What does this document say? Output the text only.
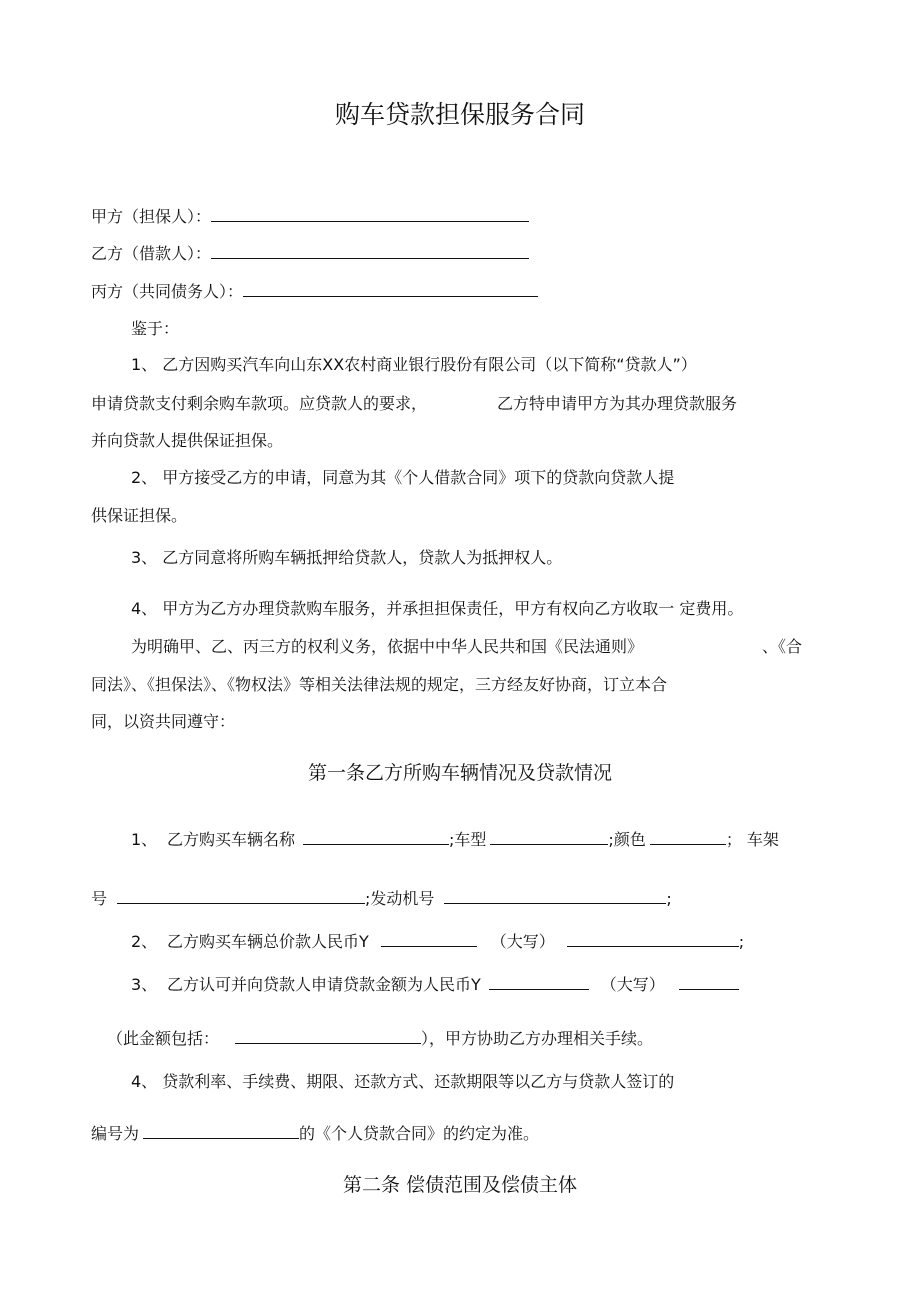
购车贷款担保服务合同
甲方（担保人）：
乙方（借款人）：
丙方（共同债务人）：
鉴于：
1、 乙方因购买汽车向山东XX农村商业银行股份有限公司（以下简称“贷款人”）
申请贷款支付剩余购车款项。应贷款人的要求，	乙方特申请甲方为其办理贷款服务
并向贷款人提供保证担保。
2、 甲方接受乙方的申请，同意为其《个人借款合同》项下的贷款向贷款人提
供保证担保。
3、 乙方同意将所购车辆抵押给贷款人，贷款人为抵押权人。
4、 甲方为乙方办理贷款购车服务，并承担担保责任，甲方有权向乙方收取一 定费用。
为明确甲、乙、丙三方的权利义务，依据中中华人民共和国《民法通则》	、《合
同法》、《担保法》、《物权法》等相关法律法规的规定，三方经友好协商，订立本合
同，以资共同遵守：
第一条乙方所购车辆情况及贷款情况
1、 乙方购买车辆名称	;车型	;颜色	； 车架
号	;发动机号	;
2、 乙方购买车辆总价款人民币Y	（大写）	;
3、 乙方认可并向贷款人申请贷款金额为人民币Y	（大写）
（此金额包括：	），甲方协助乙方办理相关手续。
4、 贷款利率、手续费、期限、还款方式、还款期限等以乙方与贷款人签订的
编号为	的《个人贷款合同》的约定为准。
第二条 偿债范围及偿债主体
